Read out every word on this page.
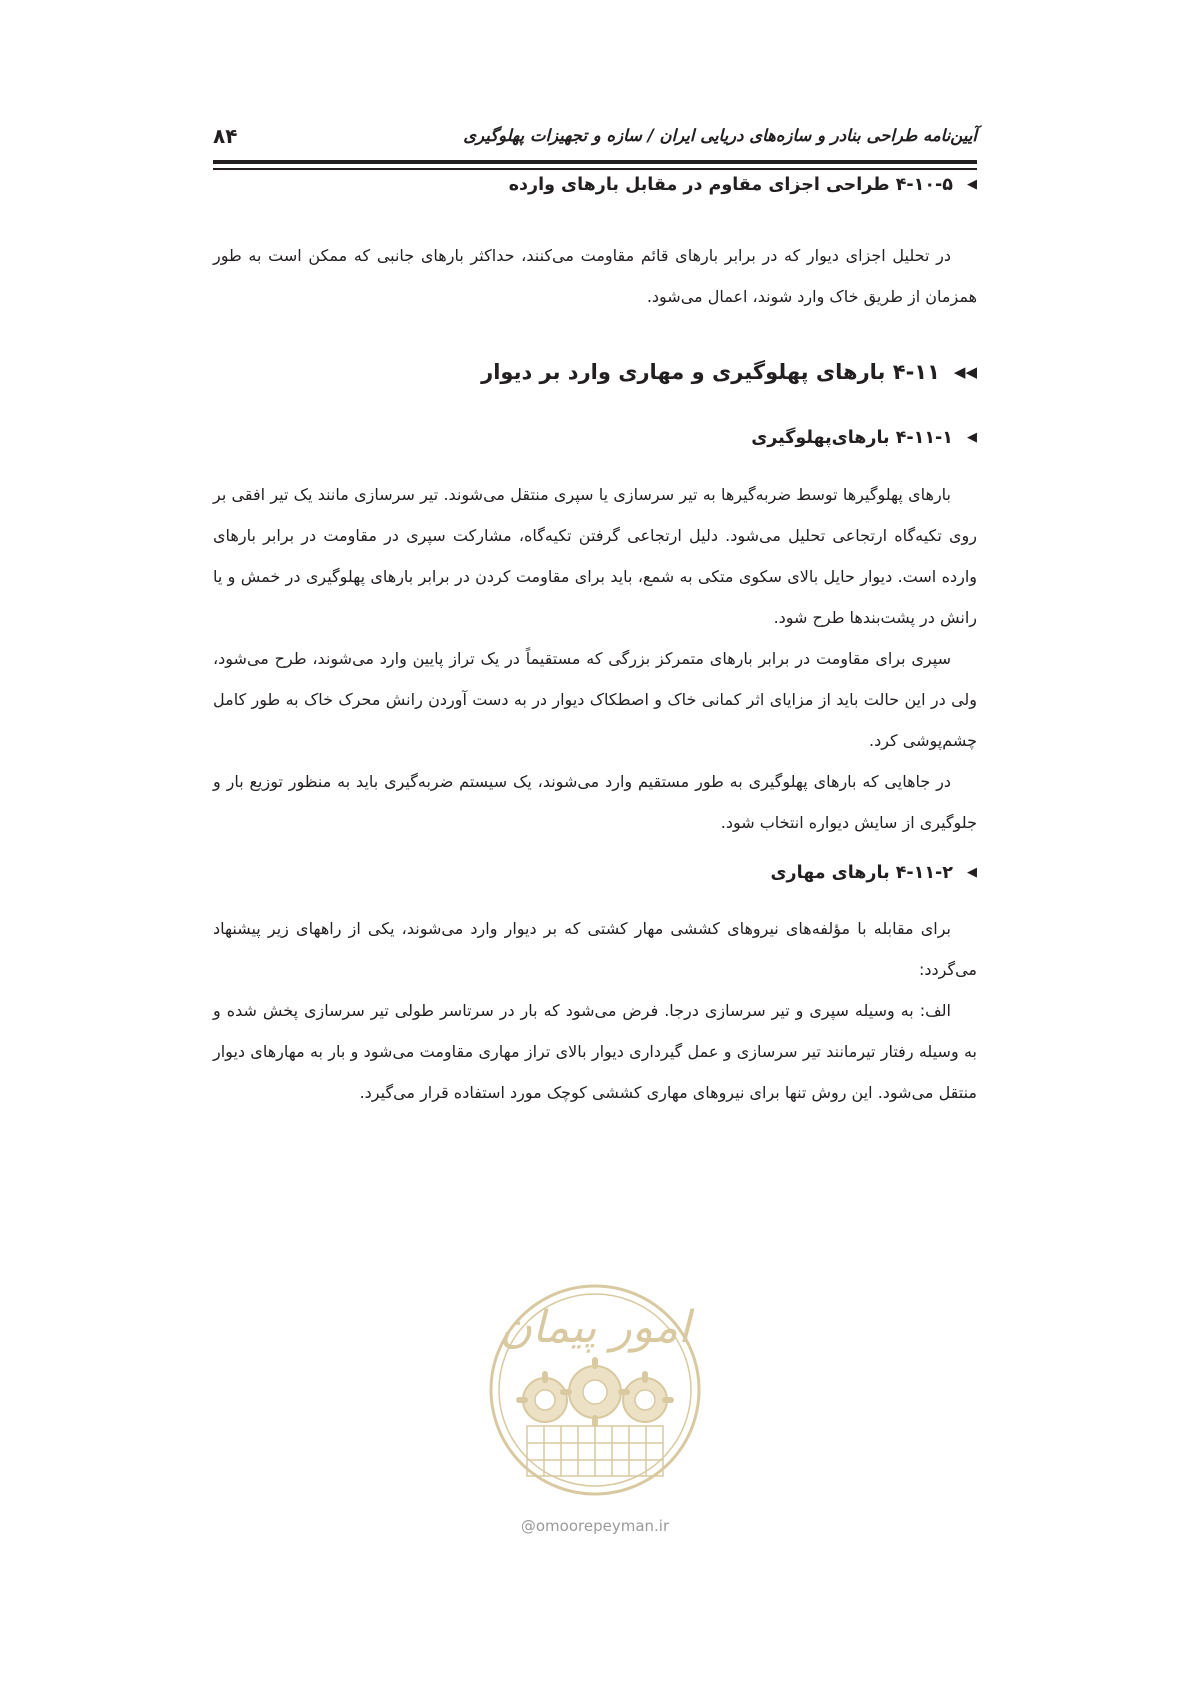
۸۴	آیین‌نامه طراحی بنادر و سازه‌های دریایی ایران / سازه و تجهیزات پهلوگیری
◀۴-۱۰-۵ طراحی اجزای مقاوم در مقابل بارهای وارده
در تحلیل اجزای دیوار که در برابر بارهای قائم مقاومت می‌کنند، حداکثر بارهای جانبی که ممکن است به طور همزمان از طریق خاک وارد شوند، اعمال می‌شود.
◀◀۴-۱۱ بارهای پهلوگیری و مهاری وارد بر دیوار
◀۴-۱۱-۱ بارهای‌پهلوگیری
بارهای پهلوگیرها توسط ضربه‌گیرها به تیر سرسازی یا سپری منتقل می‌شوند. تیر سرسازی مانند یک تیر افقی بر روی تکیه‌گاه ارتجاعی تحلیل می‌شود. دلیل ارتجاعی گرفتن تکیه‌گاه، مشارکت سپری در مقاومت در برابر بارهای وارده است. دیوار حایل بالای سکوی متکی به شمع، باید برای مقاومت کردن در برابر بارهای پهلوگیری در خمش و یا رانش در پشت‌بندها طرح شود.
سپری برای مقاومت در برابر بارهای متمرکز بزرگی که مستقیماً در یک تراز پایین وارد می‌شوند، طرح می‌شود، ولی در این حالت باید از مزایای اثر کمانی خاک و اصطکاک دیوار در به دست آوردن رانش محرک خاک به طور کامل چشم‌پوشی کرد.
در جاهایی که بارهای پهلوگیری به طور مستقیم وارد می‌شوند، یک سیستم ضربه‌گیری باید به منظور توزیع بار و جلوگیری از سایش دیواره انتخاب شود.
◀۴-۱۱-۲ بارهای مهاری
برای مقابله با مؤلفه‌های نیروهای کششی مهار کشتی که بر دیوار وارد می‌شوند، یکی از راههای زیر پیشنهاد می‌گردد:
الف: به وسیله سپری و تیر سرسازی درجا. فرض می‌شود که بار در سرتاسر طولی تیر سرسازی پخش شده و به وسیله رفتار تیرمانند تیر سرسازی و عمل گیرداری دیوار بالای تراز مهاری مقاومت می‌شود و بار به مهارهای دیوار منتقل می‌شود. این روش تنها برای نیروهای مهاری کششی کوچک مورد استفاده قرار می‌گیرد.
امور پیمان
@omoorepeyman.ir
